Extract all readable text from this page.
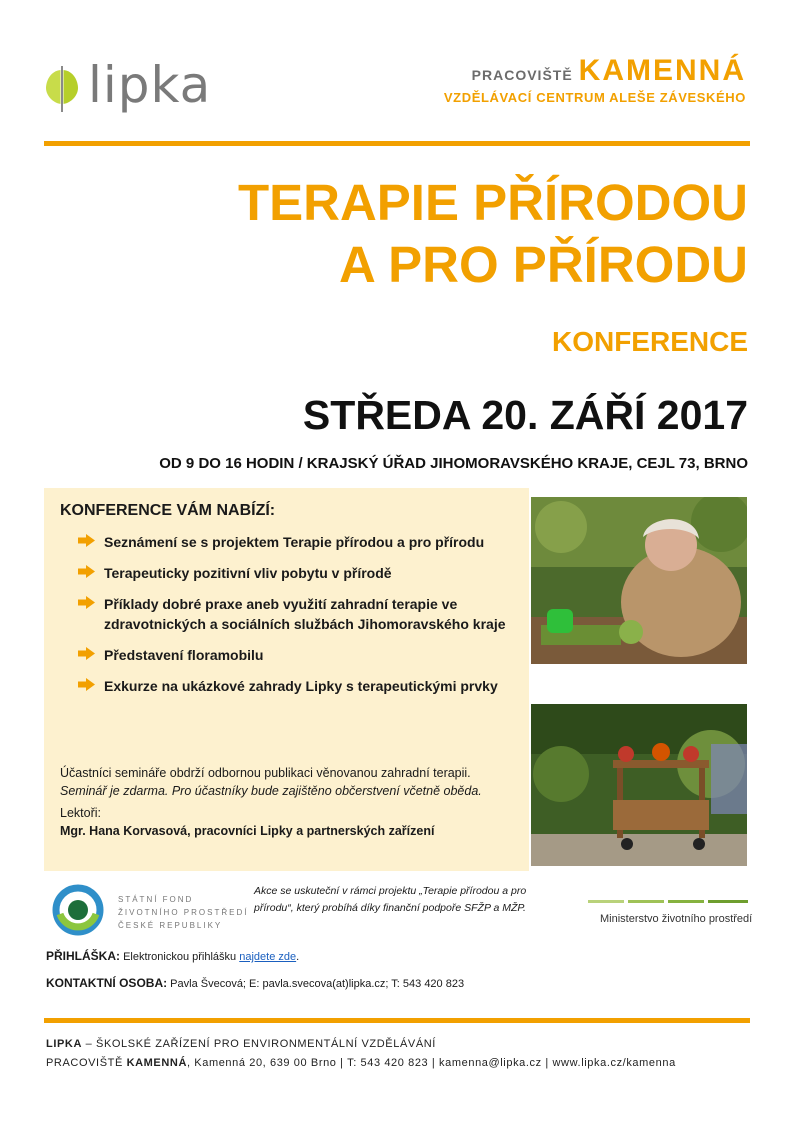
lipka	PRACOVIŠTĚ KAMENNÁ
VZDĚLÁVACÍ CENTRUM ALEŠE ZÁVESKÉHO
TERAPIE PŘÍRODOU
A PRO PŘÍRODU
KONFERENCE
STŘEDA 20. ZÁŘÍ 2017
OD 9 DO 16 HODIN / KRAJSKÝ ÚŘAD JIHOMORAVSKÉHO KRAJE, CEJL 73, BRNO
KONFERENCE VÁM NABÍZÍ:
Seznámení se s projektem Terapie přírodou a pro přírodu
Terapeuticky pozitivní vliv pobytu v přírodě
Příklady dobré praxe aneb využití zahradní terapie ve zdravotnických a sociálních službách Jihomoravského kraje
Představení floramobilu
Exkurze na ukázkové zahrady Lipky s terapeutickými prvky
Účastníci semináře obdrží odbornou publikaci věnovanou zahradní terapii.
Seminář je zdarma. Pro účastníky bude zajištěno občerstvení včetně oběda.
Lektoři:
Mgr. Hana Korvasová, pracovníci Lipky a partnerských zařízení
STÁTNÍ FOND
ŽIVOTNÍHO PROSTŘEDÍ
ČESKÉ REPUBLIKY
Akce se uskuteční v rámci projektu „Terapie přírodou a pro přírodu“, který probíhá díky finanční podpoře SFŽP a MŽP.
Ministerstvo životního prostředí
PŘIHLÁŠKA: Elektronickou přihlášku najdete zde.
KONTAKTNÍ OSOBA: Pavla Švecová; E: pavla.svecova(at)lipka.cz; T: 543 420 823
LIPKA – ŠKOLSKÉ ZAŘÍZENÍ PRO ENVIRONMENTÁLNÍ VZDĚLÁVÁNÍ
PRACOVIŠTĚ KAMENNÁ, Kamenná 20, 639 00 Brno | T: 543 420 823 | kamenna@lipka.cz | www.lipka.cz/kamenna
